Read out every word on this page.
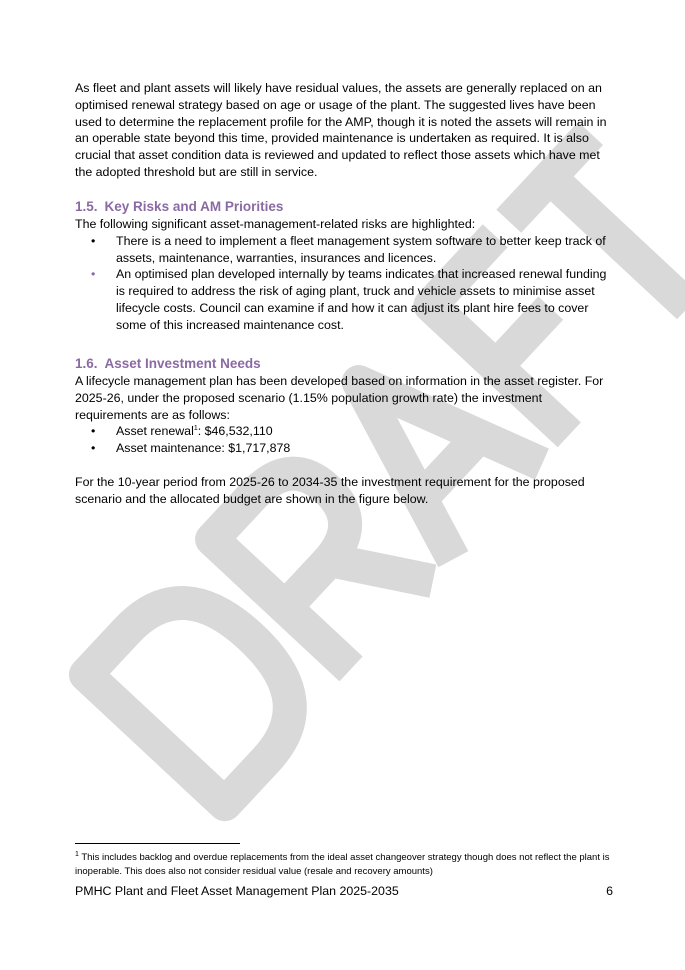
As fleet and plant assets will likely have residual values, the assets are generally replaced on an optimised renewal strategy based on age or usage of the plant. The suggested lives have been used to determine the replacement profile for the AMP, though it is noted the assets will remain in an operable state beyond this time, provided maintenance is undertaken as required. It is also crucial that asset condition data is reviewed and updated to reflect those assets which have met the adopted threshold but are still in service.

1.5. Key Risks and AM Priorities

The following significant asset-management-related risks are highlighted:

• There is a need to implement a fleet management system software to better keep track of assets, maintenance, warranties, insurances and licences.
• An optimised plan developed internally by teams indicates that increased renewal funding is required to address the risk of aging plant, truck and vehicle assets to minimise asset lifecycle costs. Council can examine if and how it can adjust its plant hire fees to cover some of this increased maintenance cost.
1.6. Asset Investment Needs

A lifecycle management plan has been developed based on information in the asset register. For 2025-26, under the proposed scenario (1.15% population growth rate) the investment requirements are as follows:

• Asset renewal$^1$: $46,532,110
• Asset maintenance: $1,717,878

For the 10-year period from 2025-26 to 2034-35 the investment requirement for the proposed scenario and the allocated budget are shown in the figure below.

$^1$ This includes backlog and overdue replacements from the ideal asset changeover strategy though does not reflect the plant is inoperable. This does also not consider residual value (resale and recovery amounts)
PMHC Plant and Fleet Asset Management Plan 2025-2035	6
